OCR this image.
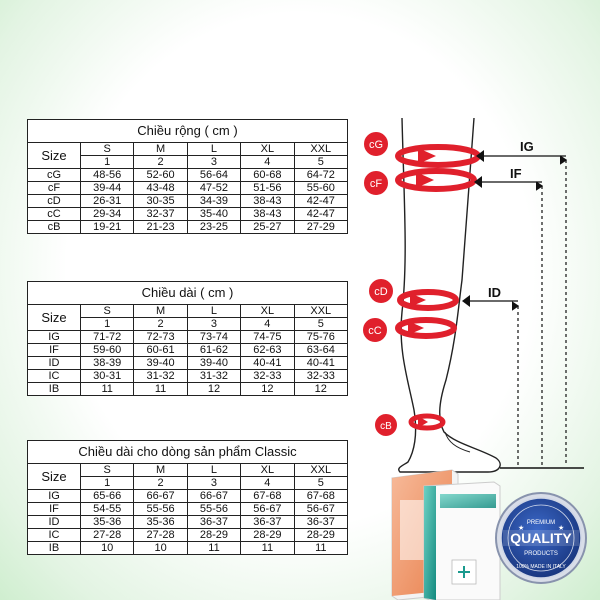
Chiều rộng ( cm )					
Size	S	M	L	XL	XXL
	1	2	3	4	5
cG	48-56	52-60	56-64	60-68	64-72
cF	39-44	43-48	47-52	51-56	55-60
cD	26-31	30-35	34-39	38-43	42-47
cC	29-34	32-37	35-40	38-43	42-47
cB	19-21	21-23	23-25	25-27	27-29
Chiều dài ( cm )					
Size	S	M	L	XL	XXL
	1	2	3	4	5
IG	71-72	72-73	73-74	74-75	75-76
IF	59-60	60-61	61-62	62-63	63-64
ID	38-39	39-40	39-40	40-41	40-41
IC	30-31	31-32	31-32	32-33	32-33
IB	11	11	12	12	12
Chiều dài cho dòng sản phẩm Classic					
Size	S	M	L	XL	XXL
	1	2	3	4	5
IG	65-66	66-67	66-67	67-68	67-68
IF	54-55	55-56	55-56	56-67	56-67
ID	35-36	35-36	36-37	36-37	36-37
IC	27-28	27-28	28-29	28-29	28-29
IB	10	10	11	11	11
cG
cF
cD
cC
cB
IG
IF
ID
PREMIUM
QUALITY
PRODUCTS
100% MADE IN ITALY
★	★
